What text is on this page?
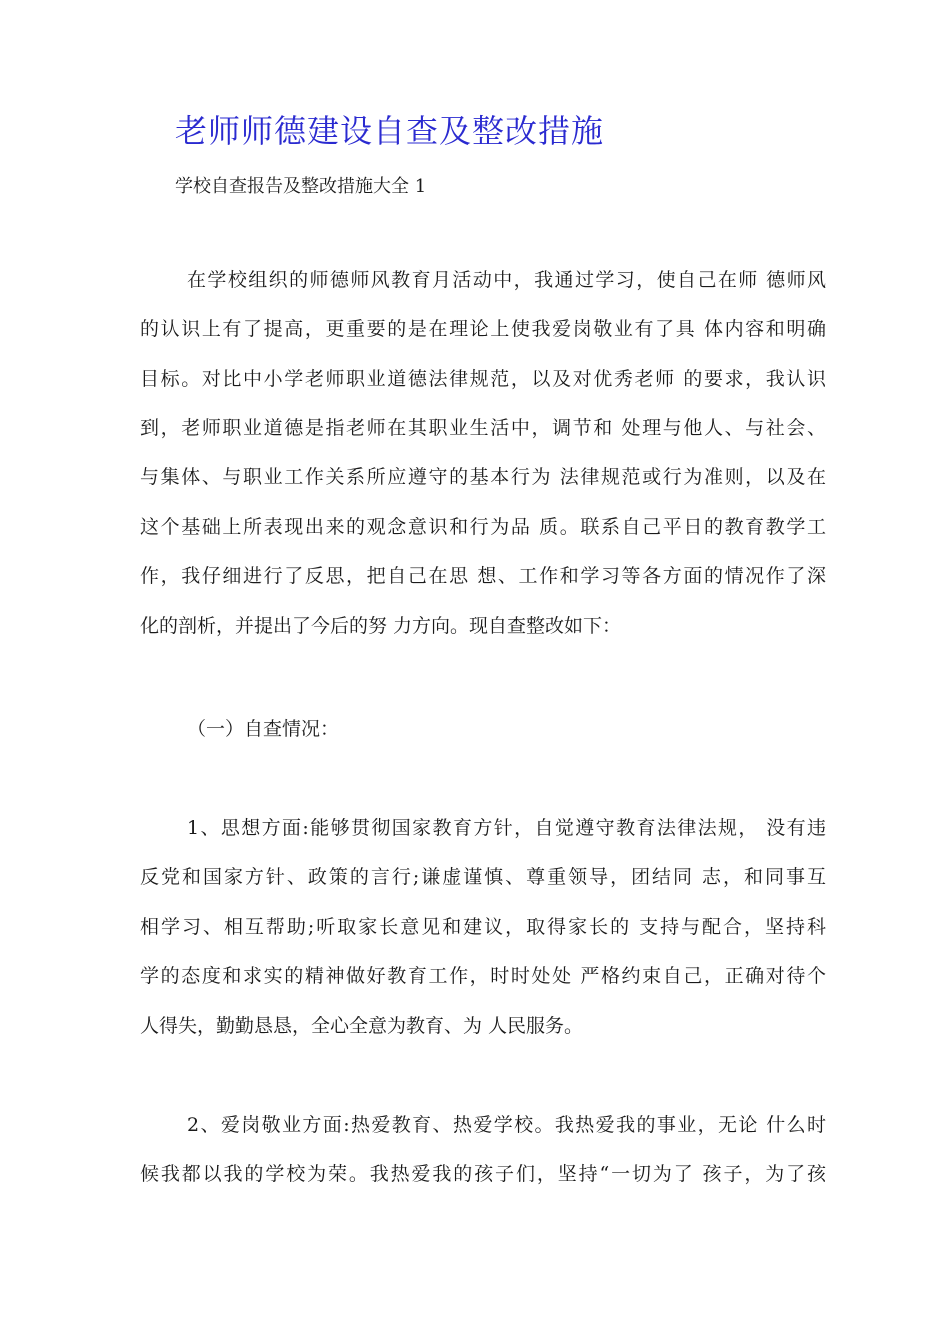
老师师德建设自查及整改措施
学校自查报告及整改措施大全 1
在学校组织的师德师风教育月活动中，我通过学习，使自己在师 德师风
的认识上有了提高，更重要的是在理论上使我爱岗敬业有了具 体内容和明确
目标。对比中小学老师职业道德法律规范，以及对优秀老师 的要求，我认识
到，老师职业道德是指老师在其职业生活中，调节和 处理与他人、与社会、
与集体、与职业工作关系所应遵守的基本行为 法律规范或行为准则，以及在
这个基础上所表现出来的观念意识和行为品 质。联系自己平日的教育教学工
作，我仔细进行了反思，把自己在思 想、工作和学习等各方面的情况作了深
化的剖析，并提出了今后的努 力方向。现自查整改如下：
（一）自查情况：
1、思想方面:能够贯彻国家教育方针，自觉遵守教育法律法规， 没有违
反党和国家方针、政策的言行;谦虚谨慎、尊重领导，团结同 志，和同事互
相学习、相互帮助;听取家长意见和建议，取得家长的 支持与配合，坚持科
学的态度和求实的精神做好教育工作，时时处处 严格约束自己，正确对待个
人得失，勤勤恳恳，全心全意为教育、为 人民服务。
2、爱岗敬业方面:热爱教育、热爱学校。我热爱我的事业，无论 什么时
候我都以我的学校为荣。我热爱我的孩子们，坚持“一切为了 孩子，为了孩
